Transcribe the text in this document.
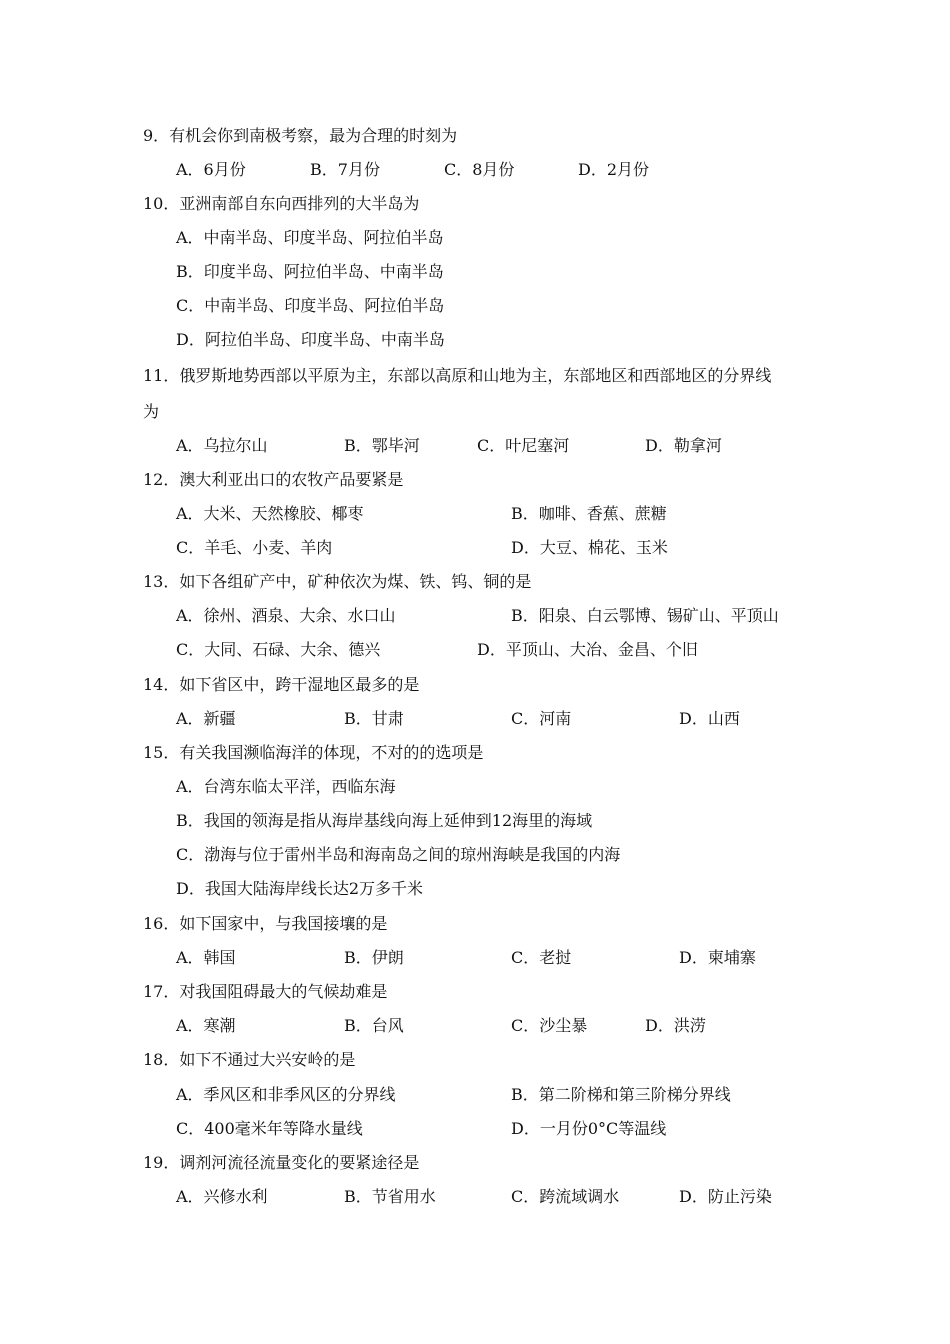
9．有机会你到南极考察，最为合理的时刻为
A．6月份	B．7月份	C．8月份	D．2月份
10．亚洲南部自东向西排列的大半岛为
A．中南半岛、印度半岛、阿拉伯半岛
B．印度半岛、阿拉伯半岛、中南半岛
C．中南半岛、印度半岛、阿拉伯半岛
D．阿拉伯半岛、印度半岛、中南半岛
11．俄罗斯地势西部以平原为主，东部以高原和山地为主，东部地区和西部地区的分界线
为
A．乌拉尔山	B．鄂毕河	C．叶尼塞河	D．勒拿河
12．澳大利亚出口的农牧产品要紧是
A．大米、天然橡胶、椰枣	B．咖啡、香蕉、蔗糖
C．羊毛、小麦、羊肉	D．大豆、棉花、玉米
13．如下各组矿产中，矿种依次为煤、铁、钨、铜的是
A．徐州、酒泉、大余、水口山	B．阳泉、白云鄂博、锡矿山、平顶山
C．大同、石碌、大余、德兴	D．平顶山、大冶、金昌、个旧
14．如下省区中，跨干湿地区最多的是
A．新疆	B．甘肃	C．河南	D．山西
15．有关我国濒临海洋的体现，不对的的选项是
A．台湾东临太平洋，西临东海
B．我国的领海是指从海岸基线向海上延伸到12海里的海域
C．渤海与位于雷州半岛和海南岛之间的琼州海峡是我国的内海
D．我国大陆海岸线长达2万多千米
16．如下国家中，与我国接壤的是
A．韩国	B．伊朗	C．老挝	D．柬埔寨
17．对我国阻碍最大的气候劫难是
A．寒潮	B．台风	C．沙尘暴	D．洪涝
18．如下不通过大兴安岭的是
A．季风区和非季风区的分界线	B．第二阶梯和第三阶梯分界线
C．400毫米年等降水量线	D．一月份0°C等温线
19．调剂河流径流量变化的要紧途径是
A．兴修水利	B．节省用水	C．跨流域调水	D．防止污染
